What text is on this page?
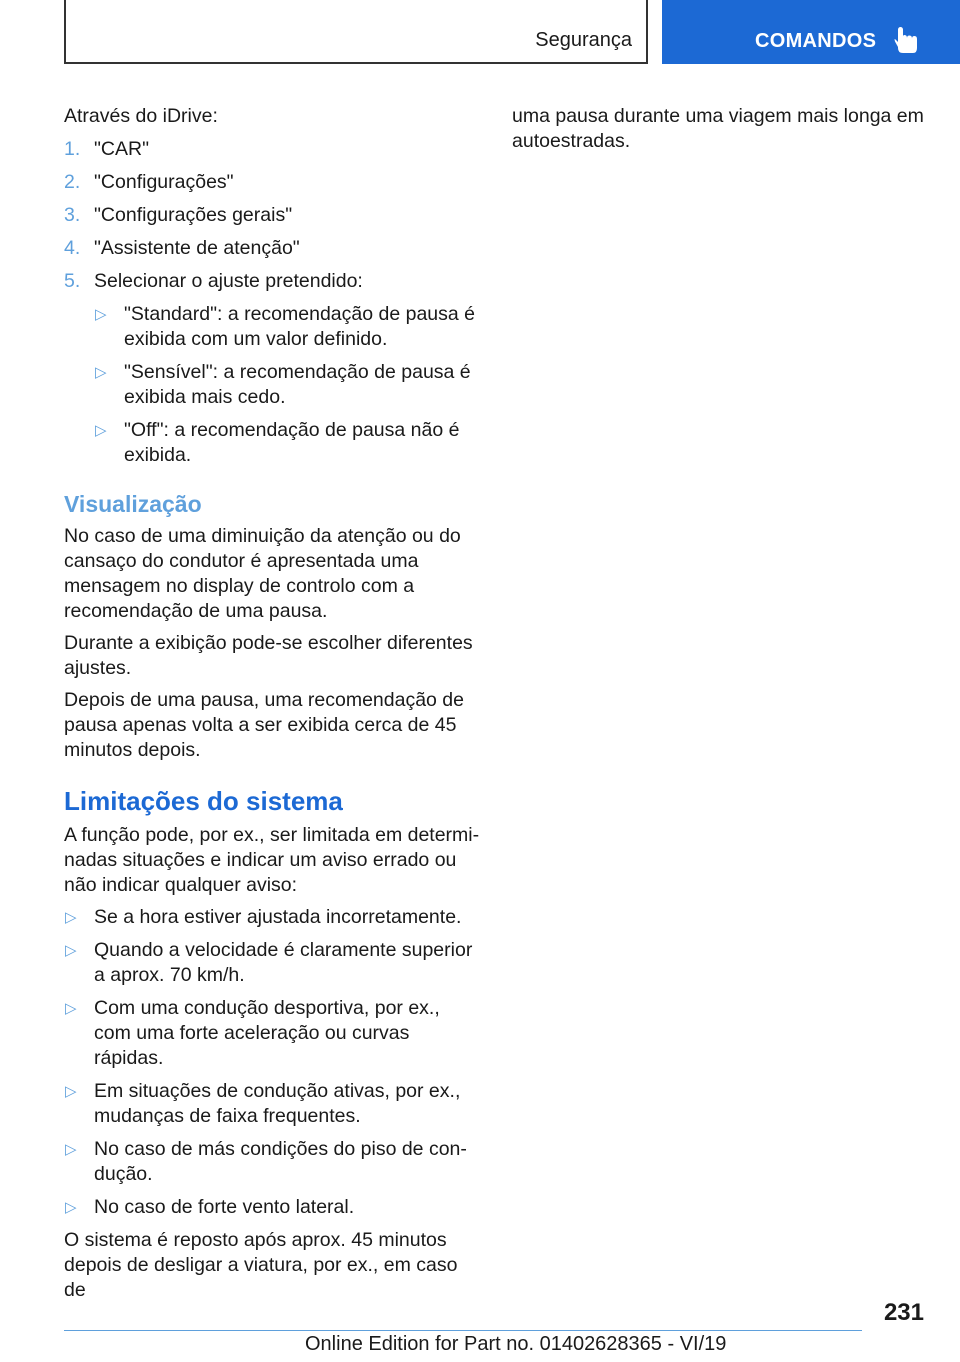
Segurança	COMANDOS

Através do iDrive:

1. "CAR"
2. "Configurações"
3. "Configurações gerais"
4. "Assistente de atenção"
5. Selecionar o ajuste pretendido:
▷ "Standard": a recomendação de pausa é exibida com um valor definido.
▷ "Sensível": a recomendação de pausa é exibida mais cedo.
▷ "Off": a recomendação de pausa não é exibida.
Visualização

No caso de uma diminuição da atenção ou do cansaço do condutor é apresentada uma mensagem no display de controlo com a recomendação de uma pausa.

Durante a exibição pode-se escolher diferentes ajustes.

Depois de uma pausa, uma recomendação de pausa apenas volta a ser exibida cerca de 45 minutos depois.

Limitações do sistema

A função pode, por ex., ser limitada em determinadas situações e indicar um aviso errado ou não indicar qualquer aviso:

▷ Se a hora estiver ajustada incorretamente.
▷ Quando a velocidade é claramente superior a aprox. 70 km/h.
▷ Com uma condução desportiva, por ex., com uma forte aceleração ou curvas rápidas.
▷ Em situações de condução ativas, por ex., mudanças de faixa frequentes.
▷ No caso de más condições do piso de condução.
▷ No caso de forte vento lateral.

O sistema é reposto após aprox. 45 minutos depois de desligar a viatura, por ex., em caso de

uma pausa durante uma viagem mais longa em autoestradas.

231
Online Edition for Part no. 01402628365 - VI/19
